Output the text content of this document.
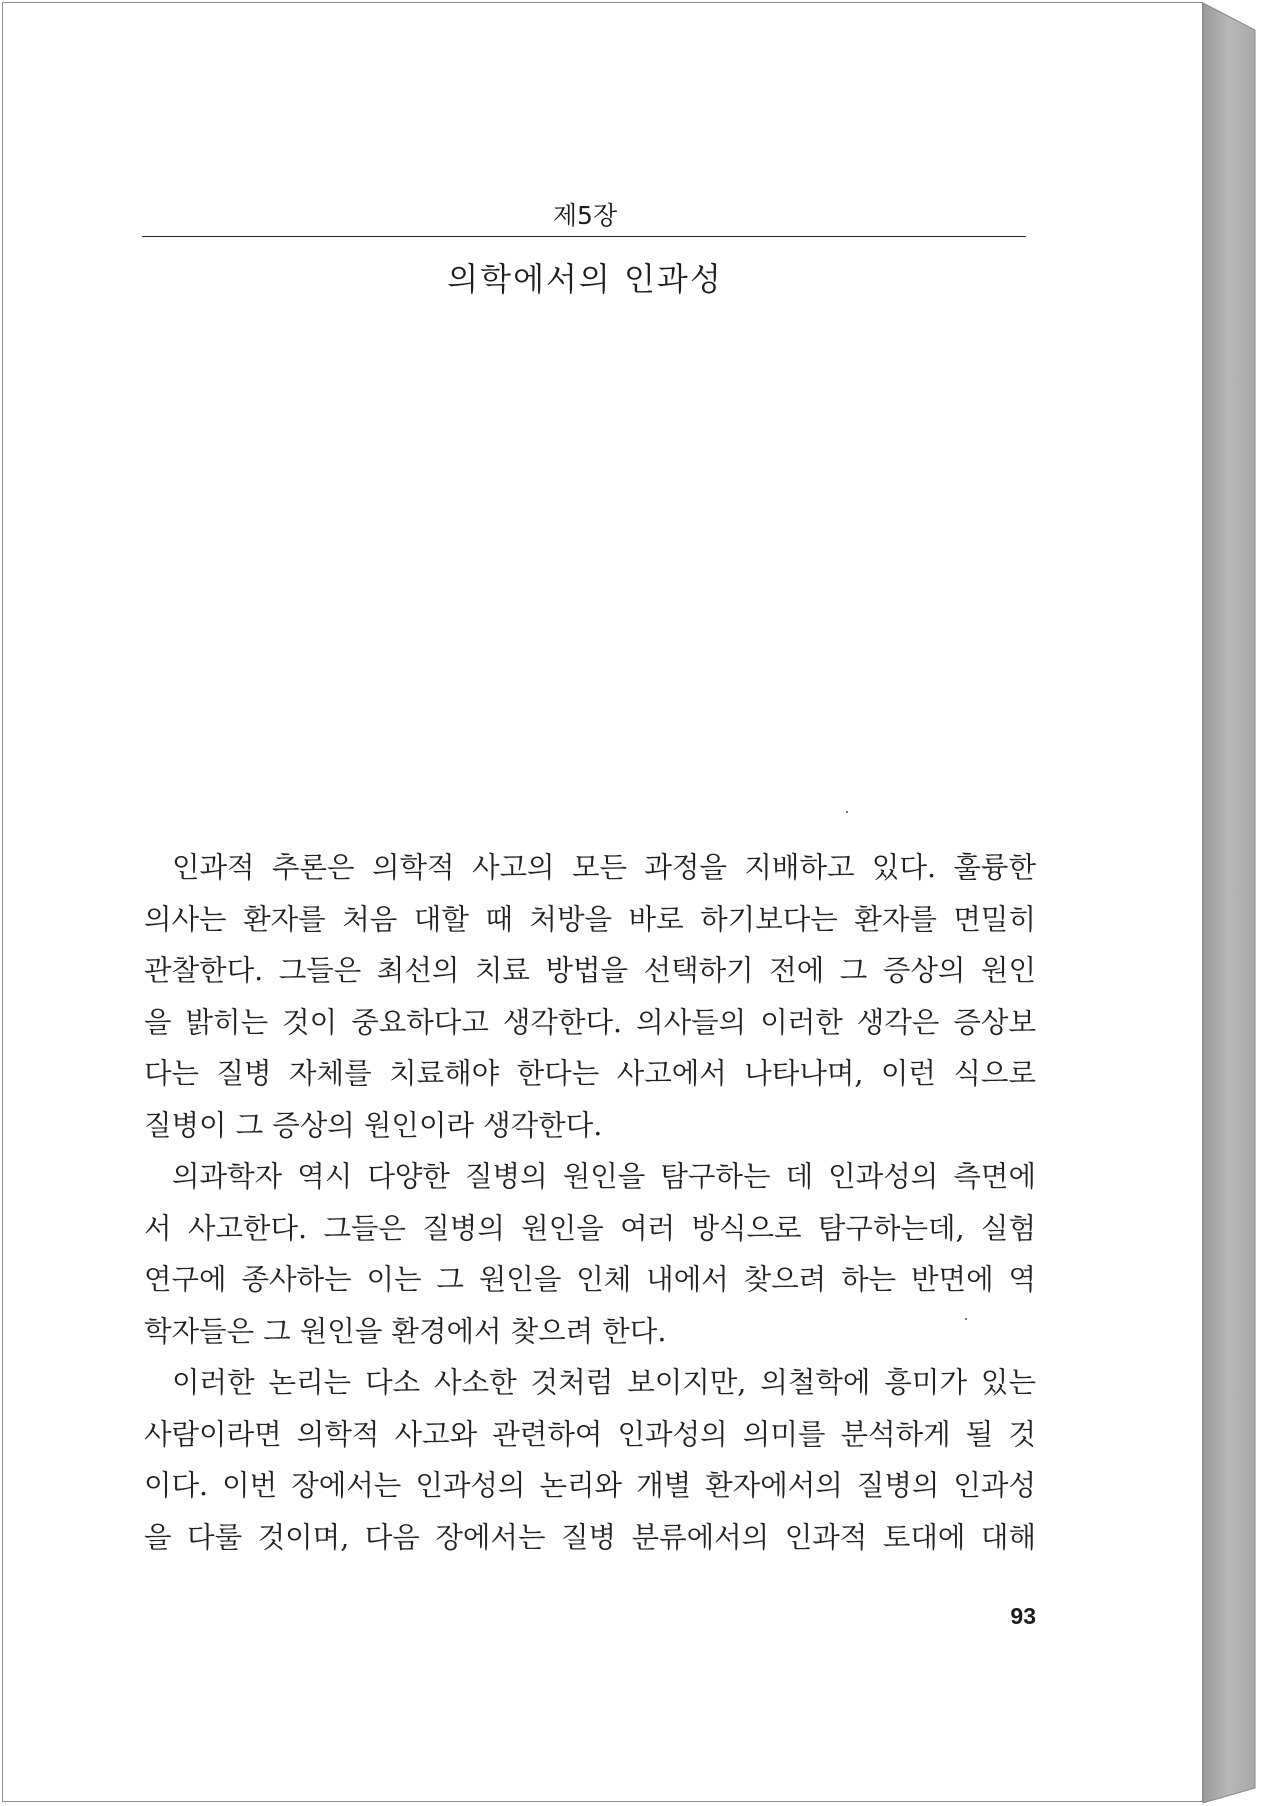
제5장
의학에서의 인과성
인과적 추론은 의학적 사고의 모든 과정을 지배하고 있다. 훌륭한
의사는 환자를 처음 대할 때 처방을 바로 하기보다는 환자를 면밀히
관찰한다. 그들은 최선의 치료 방법을 선택하기 전에 그 증상의 원인
을 밝히는 것이 중요하다고 생각한다. 의사들의 이러한 생각은 증상보
다는 질병 자체를 치료해야 한다는 사고에서 나타나며, 이런 식으로
질병이 그 증상의 원인이라 생각한다.
의과학자 역시 다양한 질병의 원인을 탐구하는 데 인과성의 측면에
서 사고한다. 그들은 질병의 원인을 여러 방식으로 탐구하는데, 실험
연구에 종사하는 이는 그 원인을 인체 내에서 찾으려 하는 반면에 역
학자들은 그 원인을 환경에서 찾으려 한다.
이러한 논리는 다소 사소한 것처럼 보이지만, 의철학에 흥미가 있는
사람이라면 의학적 사고와 관련하여 인과성의 의미를 분석하게 될 것
이다. 이번 장에서는 인과성의 논리와 개별 환자에서의 질병의 인과성
을 다룰 것이며, 다음 장에서는 질병 분류에서의 인과적 토대에 대해
93
